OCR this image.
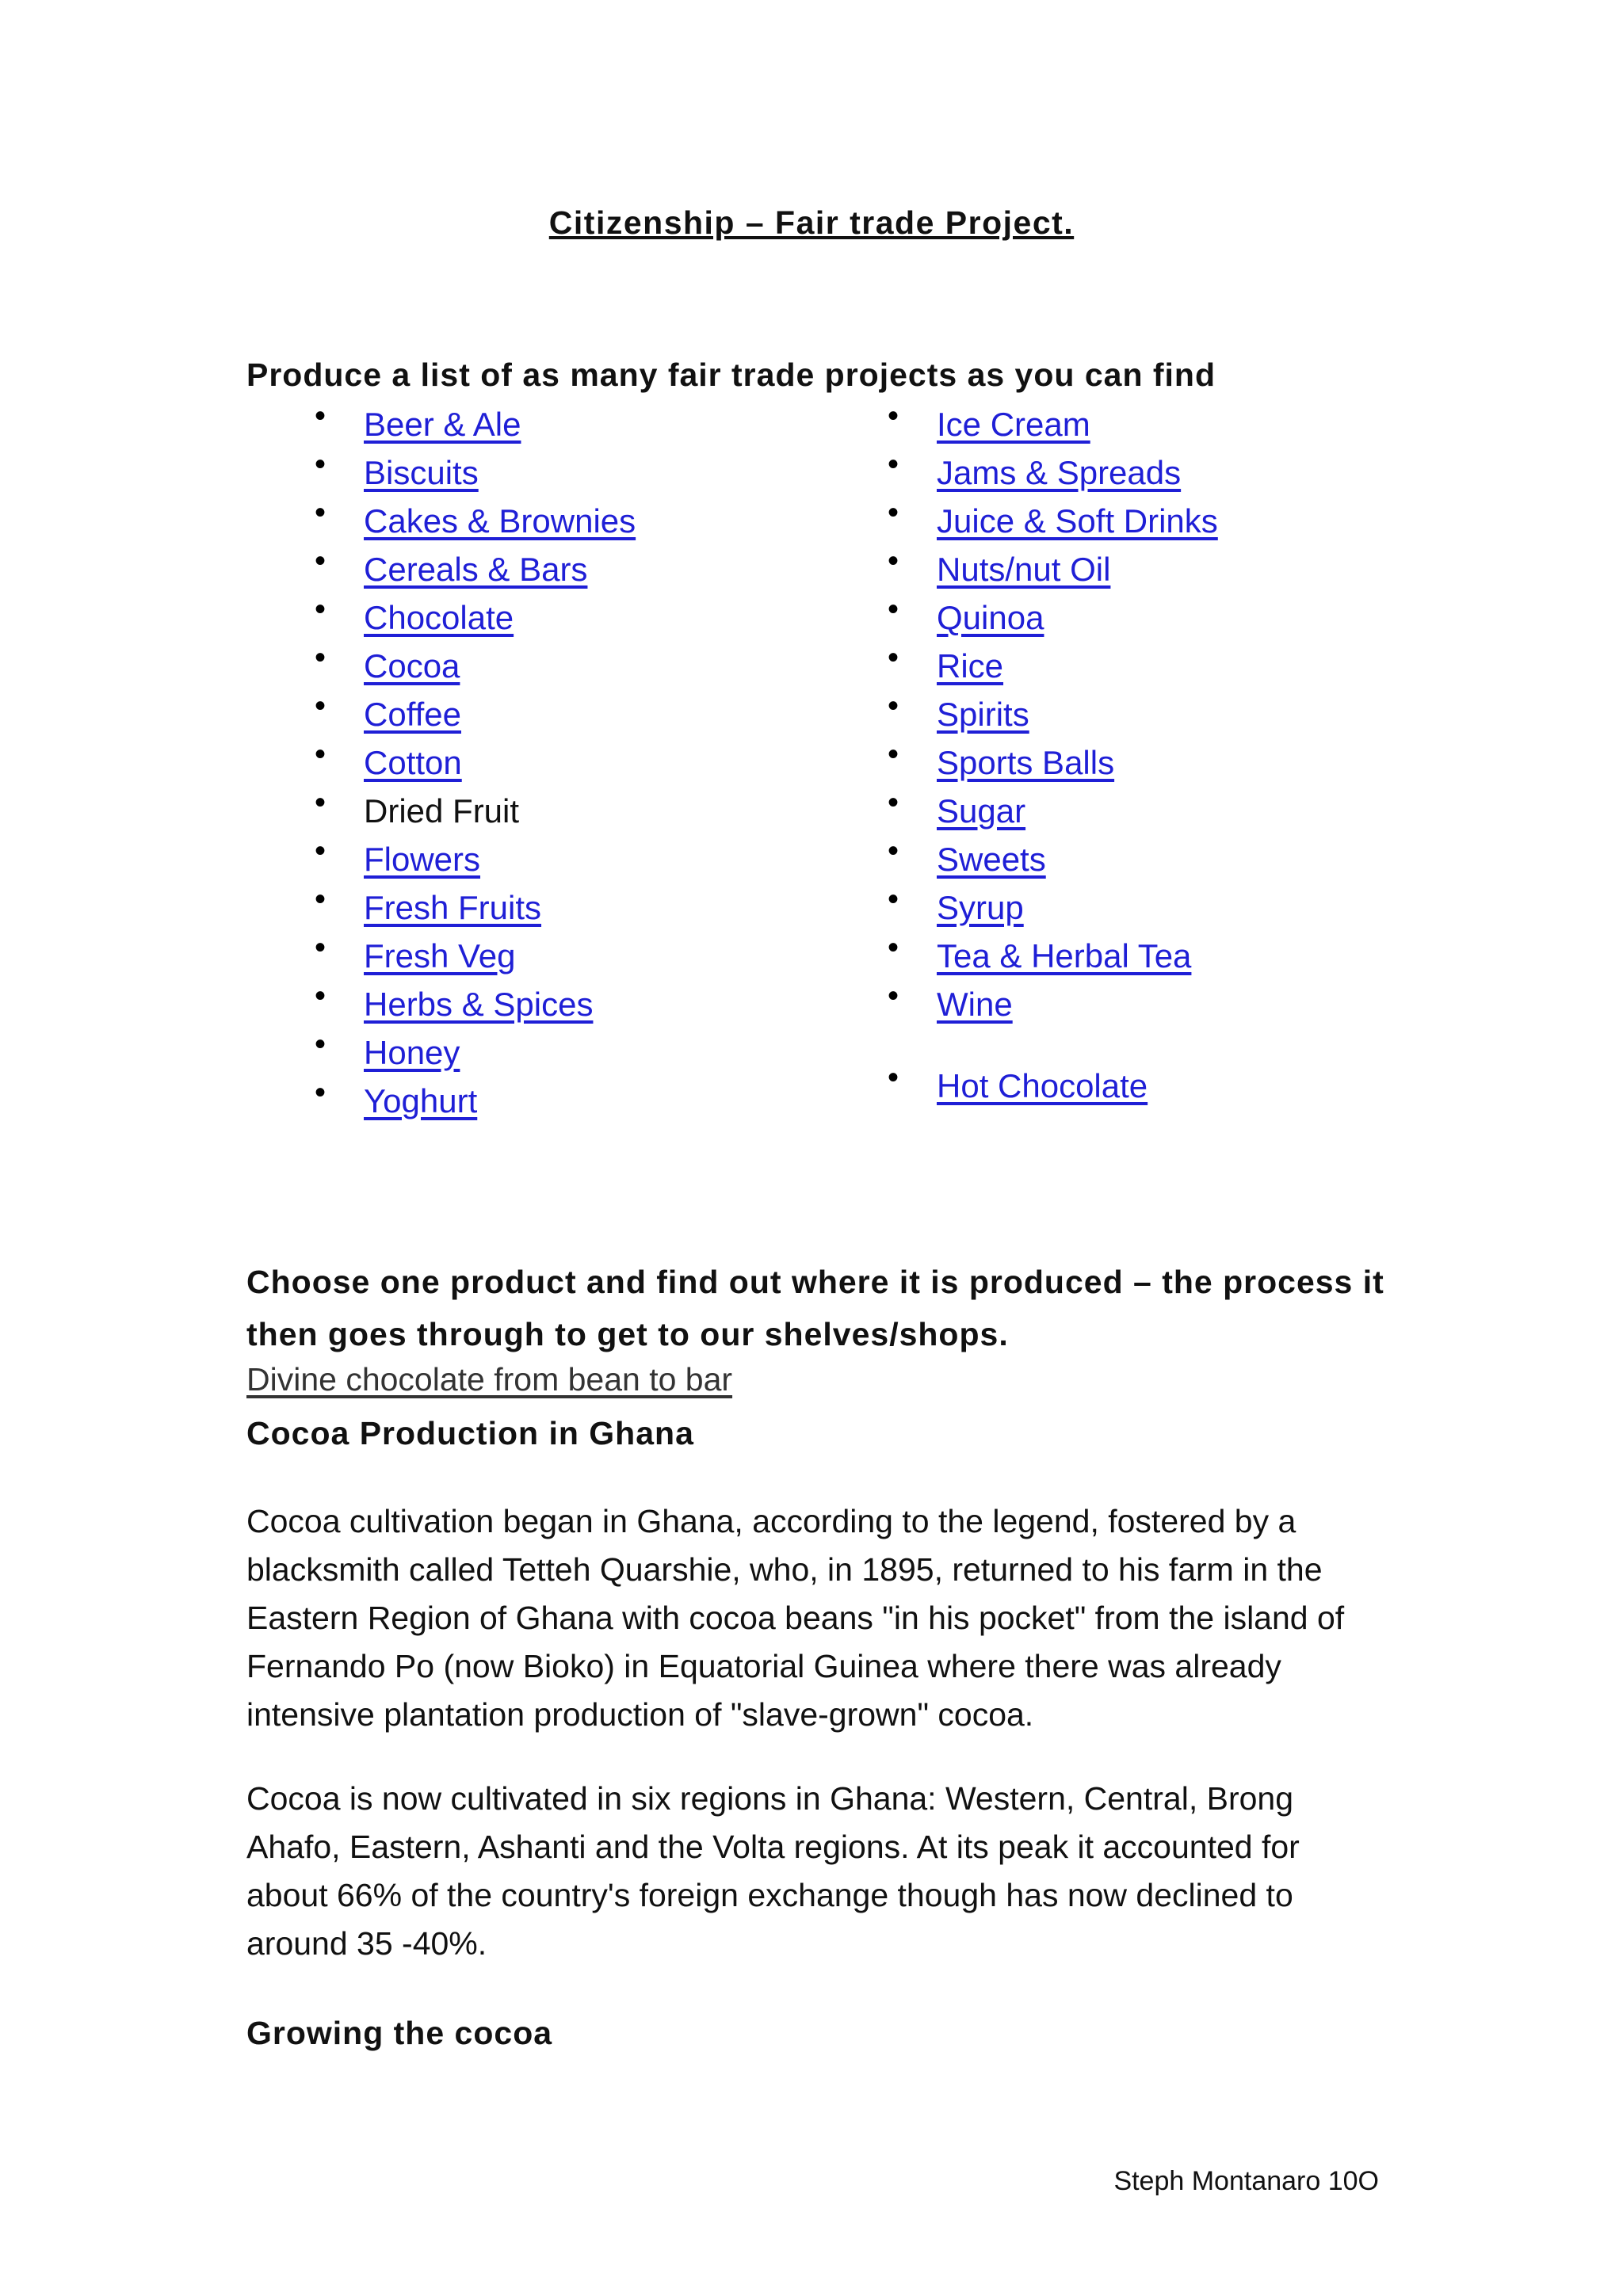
Citizenship – Fair trade Project.

Produce a list of as many fair trade projects as you can find

• Beer & Ale
• Biscuits
• Cakes & Brownies
• Cereals & Bars
• Chocolate
• Cocoa
• Coffee
• Cotton
• Dried Fruit
• Flowers
• Fresh Fruits
• Fresh Veg
• Herbs & Spices
• Honey
• Yoghurt
• Ice Cream
• Jams & Spreads
• Juice & Soft Drinks
• Nuts/nut Oil
• Quinoa
• Rice
• Spirits
• Sports Balls
• Sugar
• Sweets
• Syrup
• Tea & Herbal Tea
• Wine
• Hot Chocolate

Choose one product and find out where it is produced – the process it then goes through to get to our shelves/shops.

Divine chocolate from bean to bar

Cocoa Production in Ghana

Cocoa cultivation began in Ghana, according to the legend, fostered by a blacksmith called Tetteh Quarshie, who, in 1895, returned to his farm in the Eastern Region of Ghana with cocoa beans "in his pocket" from the island of Fernando Po (now Bioko) in Equatorial Guinea where there was already intensive plantation production of "slave-grown" cocoa.

Cocoa is now cultivated in six regions in Ghana: Western, Central, Brong Ahafo, Eastern, Ashanti and the Volta regions. At its peak it accounted for about 66% of the country's foreign exchange though has now declined to around 35 -40%.

Growing the cocoa

Steph Montanaro 10O
